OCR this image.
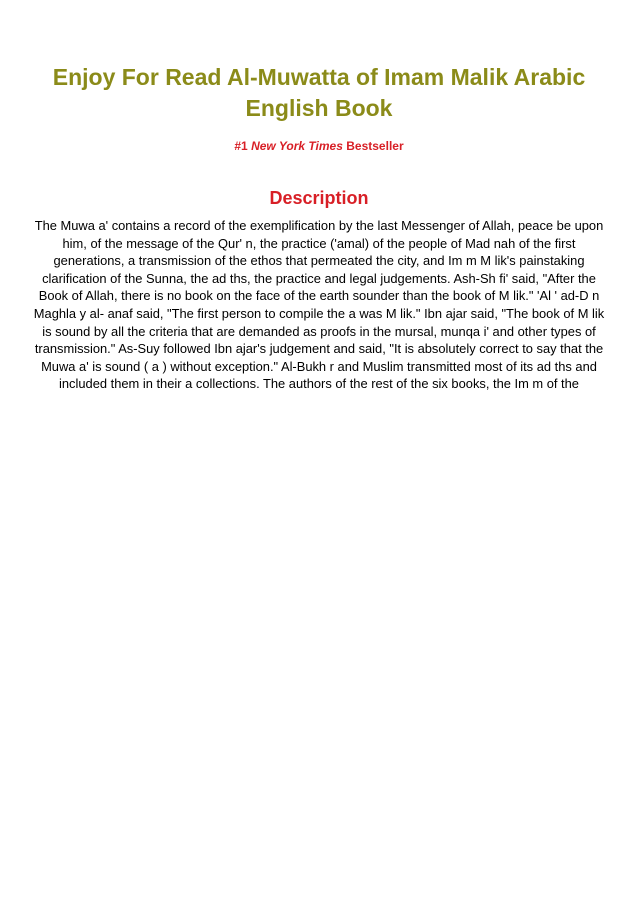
Enjoy For Read Al-Muwatta of Imam Malik Arabic English Book
#1 New York Times Bestseller
Description

The Muwa a' contains a record of the exemplification by the last Messenger of Allah, peace be upon him, of the message of the Qur' n, the practice ('amal) of the people of Mad nah of the first generations, a transmission of the ethos that permeated the city, and Im m M lik's painstaking clarification of the Sunna, the ad ths, the practice and legal judgements. Ash-Sh fi' said, "After the Book of Allah, there is no book on the face of the earth sounder than the book of M lik." 'Al ' ad-D n Maghla y al- anaf said, "The first person to compile the a was M lik." Ibn ajar said, "The book of M lik is sound by all the criteria that are demanded as proofs in the mursal, munqa i' and other types of transmission." As-Suy followed Ibn ajar's judgement and said, "It is absolutely correct to say that the Muwa a' is sound ( a ) without exception." Al-Bukh r and Muslim transmitted most of its ad ths and included them in their a collections. The authors of the rest of the six books, the Im m of the
